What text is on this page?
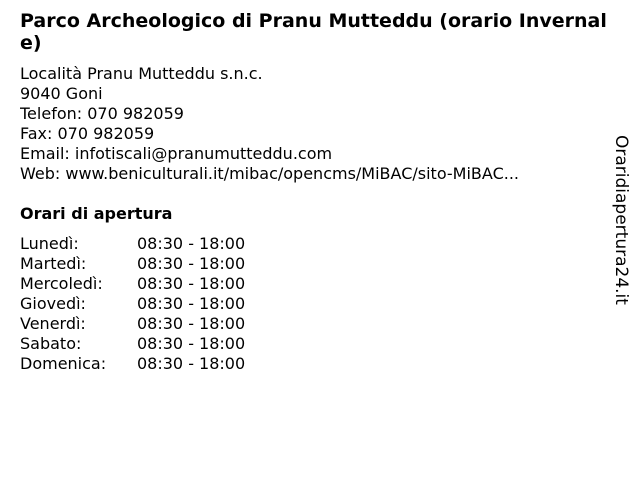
Parco Archeologico di Pranu Mutteddu (orario Invernale)
Località Pranu Mutteddu s.n.c.
9040 Goni
Telefon: 070 982059
Fax: 070 982059
Email: infotiscali@pranumutteddu.com
Web: www.beniculturali.it/mibac/opencms/MiBAC/sito-MiBAC...
Orari di apertura
Lunedì:	08:30 - 18:00
Martedì:	08:30 - 18:00
Mercoledì: 08:30 - 18:00
Giovedì:	08:30 - 18:00
Venerdì:	08:30 - 18:00
Sabato:	08:30 - 18:00
Domenica: 08:30 - 18:00
Oraridiapertura24.it
